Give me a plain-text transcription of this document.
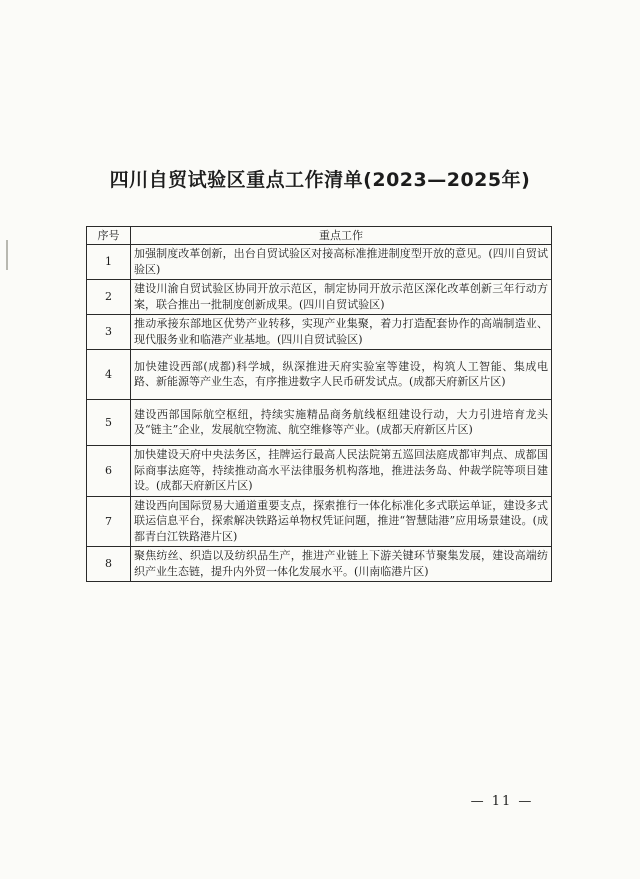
四川自贸试验区重点工作清单(2023—2025年)
序号	重点工作
1	加强制度改革创新，出台自贸试验区对接高标准推进制度型开放的意见。(四川自贸试验区)
2	建设川渝自贸试验区协同开放示范区，制定协同开放示范区深化改革创新三年行动方案，联合推出一批制度创新成果。(四川自贸试验区)
3	推动承接东部地区优势产业转移，实现产业集聚，着力打造配套协作的高端制造业、现代服务业和临港产业基地。(四川自贸试验区)
4	加快建设西部(成都)科学城，纵深推进天府实验室等建设，构筑人工智能、集成电路、新能源等产业生态，有序推进数字人民币研发试点。(成都天府新区片区)
5	建设西部国际航空枢纽，持续实施精品商务航线枢纽建设行动，大力引进培育龙头及“链主”企业，发展航空物流、航空维修等产业。(成都天府新区片区)
6	加快建设天府中央法务区，挂牌运行最高人民法院第五巡回法庭成都审判点、成都国际商事法庭等，持续推动高水平法律服务机构落地，推进法务岛、仲裁学院等项目建设。(成都天府新区片区)
7	建设西向国际贸易大通道重要支点，探索推行一体化标准化多式联运单证，建设多式联运信息平台，探索解决铁路运单物权凭证问题，推进“智慧陆港”应用场景建设。(成都青白江铁路港片区)
8	聚焦纺丝、织造以及纺织品生产，推进产业链上下游关键环节聚集发展，建设高端纺织产业生态链，提升内外贸一体化发展水平。(川南临港片区)
— 11 —
